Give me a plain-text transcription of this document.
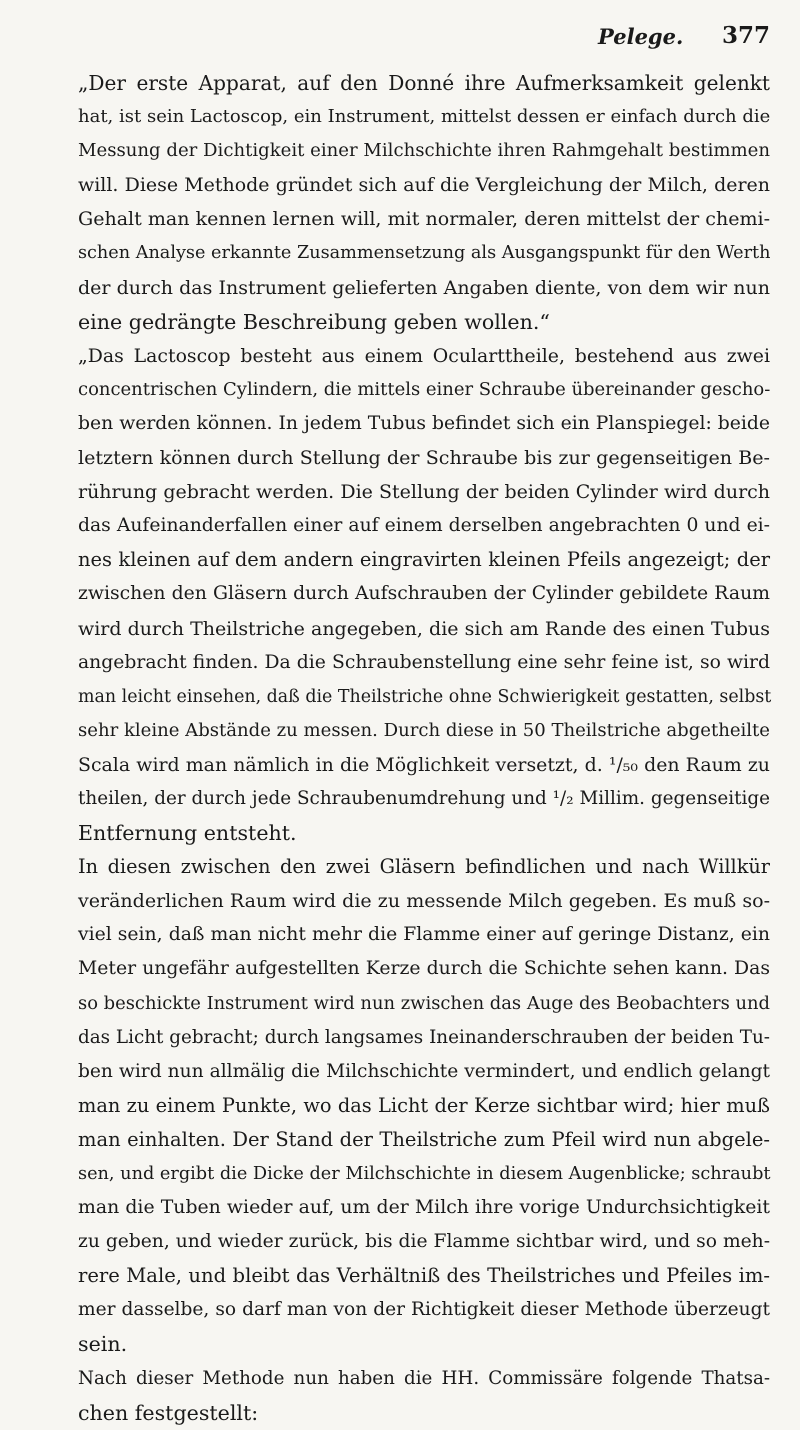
Pelege. 377

„Der erste Apparat, auf den Donné ihre Aufmerksamkeit gelenkt
hat, ist sein Lactoscop, ein Instrument, mittelst dessen er einfach durch die
Messung der Dichtigkeit einer Milchschichte ihren Rahmgehalt bestimmen
will. Diese Methode gründet sich auf die Vergleichung der Milch, deren
Gehalt man kennen lernen will, mit normaler, deren mittelst der chemi-
schen Analyse erkannte Zusammensetzung als Ausgangspunkt für den Werth
der durch das Instrument gelieferten Angaben diente, von dem wir nun
eine gedrängte Beschreibung geben wollen.“

„Das Lactoscop besteht aus einem Ocularttheile, bestehend aus zwei
concentrischen Cylindern, die mittels einer Schraube übereinander gescho-
ben werden können. In jedem Tubus befindet sich ein Planspiegel: beide
letztern können durch Stellung der Schraube bis zur gegenseitigen Be-
rührung gebracht werden. Die Stellung der beiden Cylinder wird durch
das Aufeinanderfallen einer auf einem derselben angebrachten 0 und ei-
nes kleinen auf dem andern eingravirten kleinen Pfeils angezeigt; der
zwischen den Gläsern durch Aufschrauben der Cylinder gebildete Raum
wird durch Theilstriche angegeben, die sich am Rande des einen Tubus
angebracht finden. Da die Schraubenstellung eine sehr feine ist, so wird
man leicht einsehen, daß die Theilstriche ohne Schwierigkeit gestatten, selbst
sehr kleine Abstände zu messen. Durch diese in 50 Theilstriche abgetheilte
Scala wird man nämlich in die Möglichkeit versetzt, d. ¹/₅₀ den Raum zu
theilen, der durch jede Schraubenumdrehung und ¹/₂ Millim. gegenseitige
Entfernung entsteht.

In diesen zwischen den zwei Gläsern befindlichen und nach Willkür
veränderlichen Raum wird die zu messende Milch gegeben. Es muß so-
viel sein, daß man nicht mehr die Flamme einer auf geringe Distanz, ein
Meter ungefähr aufgestellten Kerze durch die Schichte sehen kann. Das
so beschickte Instrument wird nun zwischen das Auge des Beobachters und
das Licht gebracht; durch langsames Ineinanderschrauben der beiden Tu-
ben wird nun allmälig die Milchschichte vermindert, und endlich gelangt
man zu einem Punkte, wo das Licht der Kerze sichtbar wird; hier muß
man einhalten. Der Stand der Theilstriche zum Pfeil wird nun abgele-
sen, und ergibt die Dicke der Milchschichte in diesem Augenblicke; schraubt
man die Tuben wieder auf, um der Milch ihre vorige Undurchsichtigkeit
zu geben, und wieder zurück, bis die Flamme sichtbar wird, und so meh-
rere Male, und bleibt das Verhältniß des Theilstriches und Pfeiles im-
mer dasselbe, so darf man von der Richtigkeit dieser Methode überzeugt
sein.

Nach dieser Methode nun haben die HH. Commissäre folgende Thatsa-
chen festgestellt:
